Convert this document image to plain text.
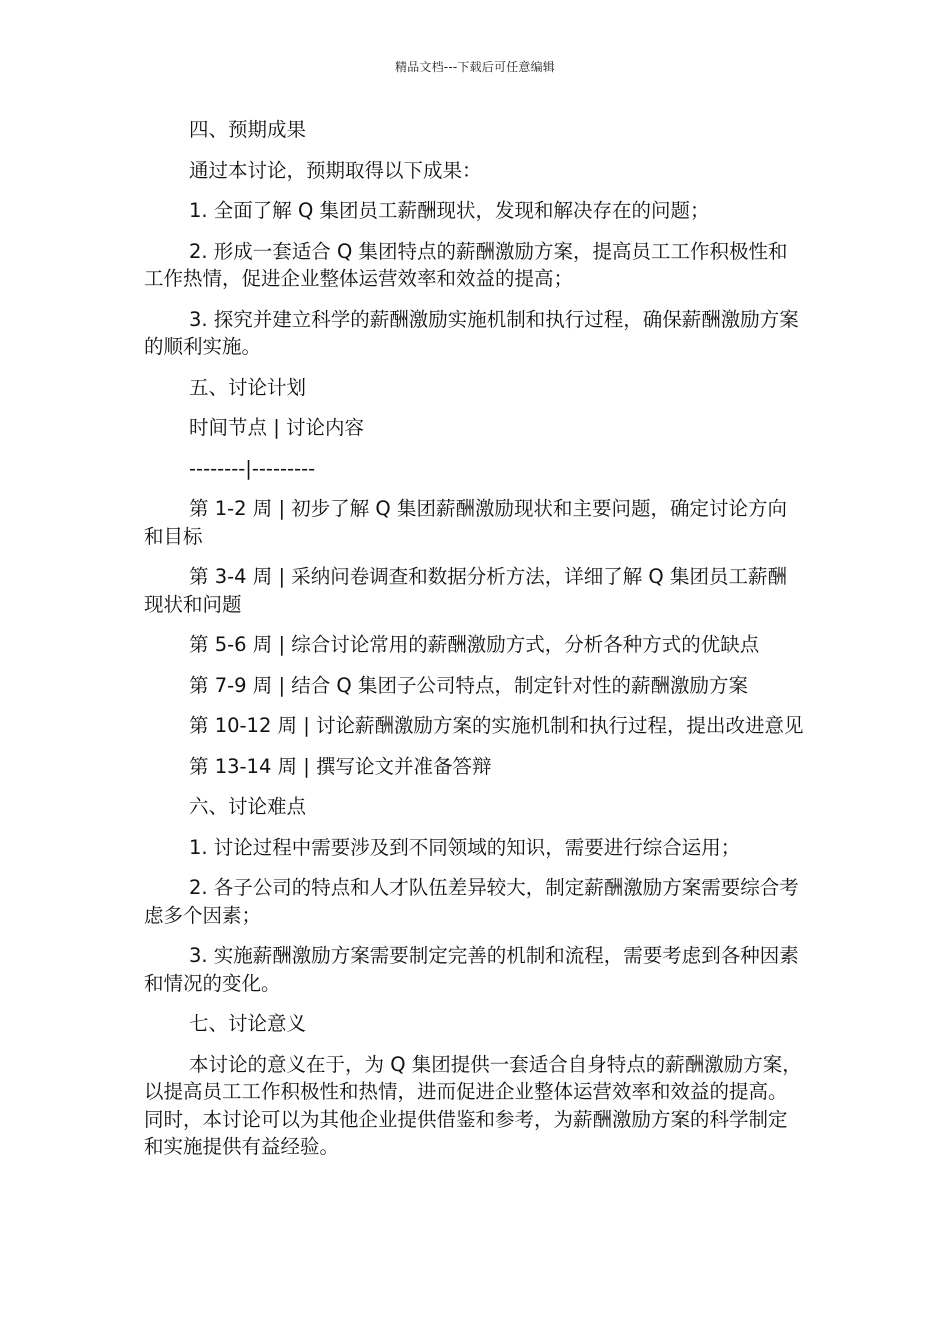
精品文档---下载后可任意编辑

四、预期成果

通过本讨论，预期取得以下成果：

1. 全面了解 Q 集团员工薪酬现状，发现和解决存在的问题；

2. 形成一套适合 Q 集团特点的薪酬激励方案，提高员工工作积极性和工作热情，促进企业整体运营效率和效益的提高；

3. 探究并建立科学的薪酬激励实施机制和执行过程，确保薪酬激励方案的顺利实施。

五、讨论计划

时间节点 | 讨论内容

--------|---------

第 1-2 周 | 初步了解 Q 集团薪酬激励现状和主要问题，确定讨论方向和目标

第 3-4 周 | 采纳问卷调查和数据分析方法，详细了解 Q 集团员工薪酬现状和问题

第 5-6 周 | 综合讨论常用的薪酬激励方式，分析各种方式的优缺点

第 7-9 周 | 结合 Q 集团子公司特点，制定针对性的薪酬激励方案

第 10-12 周 | 讨论薪酬激励方案的实施机制和执行过程，提出改进意见

第 13-14 周 | 撰写论文并准备答辩

六、讨论难点

1. 讨论过程中需要涉及到不同领域的知识，需要进行综合运用；

2. 各子公司的特点和人才队伍差异较大，制定薪酬激励方案需要综合考虑多个因素；

3. 实施薪酬激励方案需要制定完善的机制和流程，需要考虑到各种因素和情况的变化。

七、讨论意义

本讨论的意义在于，为 Q 集团提供一套适合自身特点的薪酬激励方案，以提高员工工作积极性和热情，进而促进企业整体运营效率和效益的提高。同时，本讨论可以为其他企业提供借鉴和参考，为薪酬激励方案的科学制定和实施提供有益经验。
